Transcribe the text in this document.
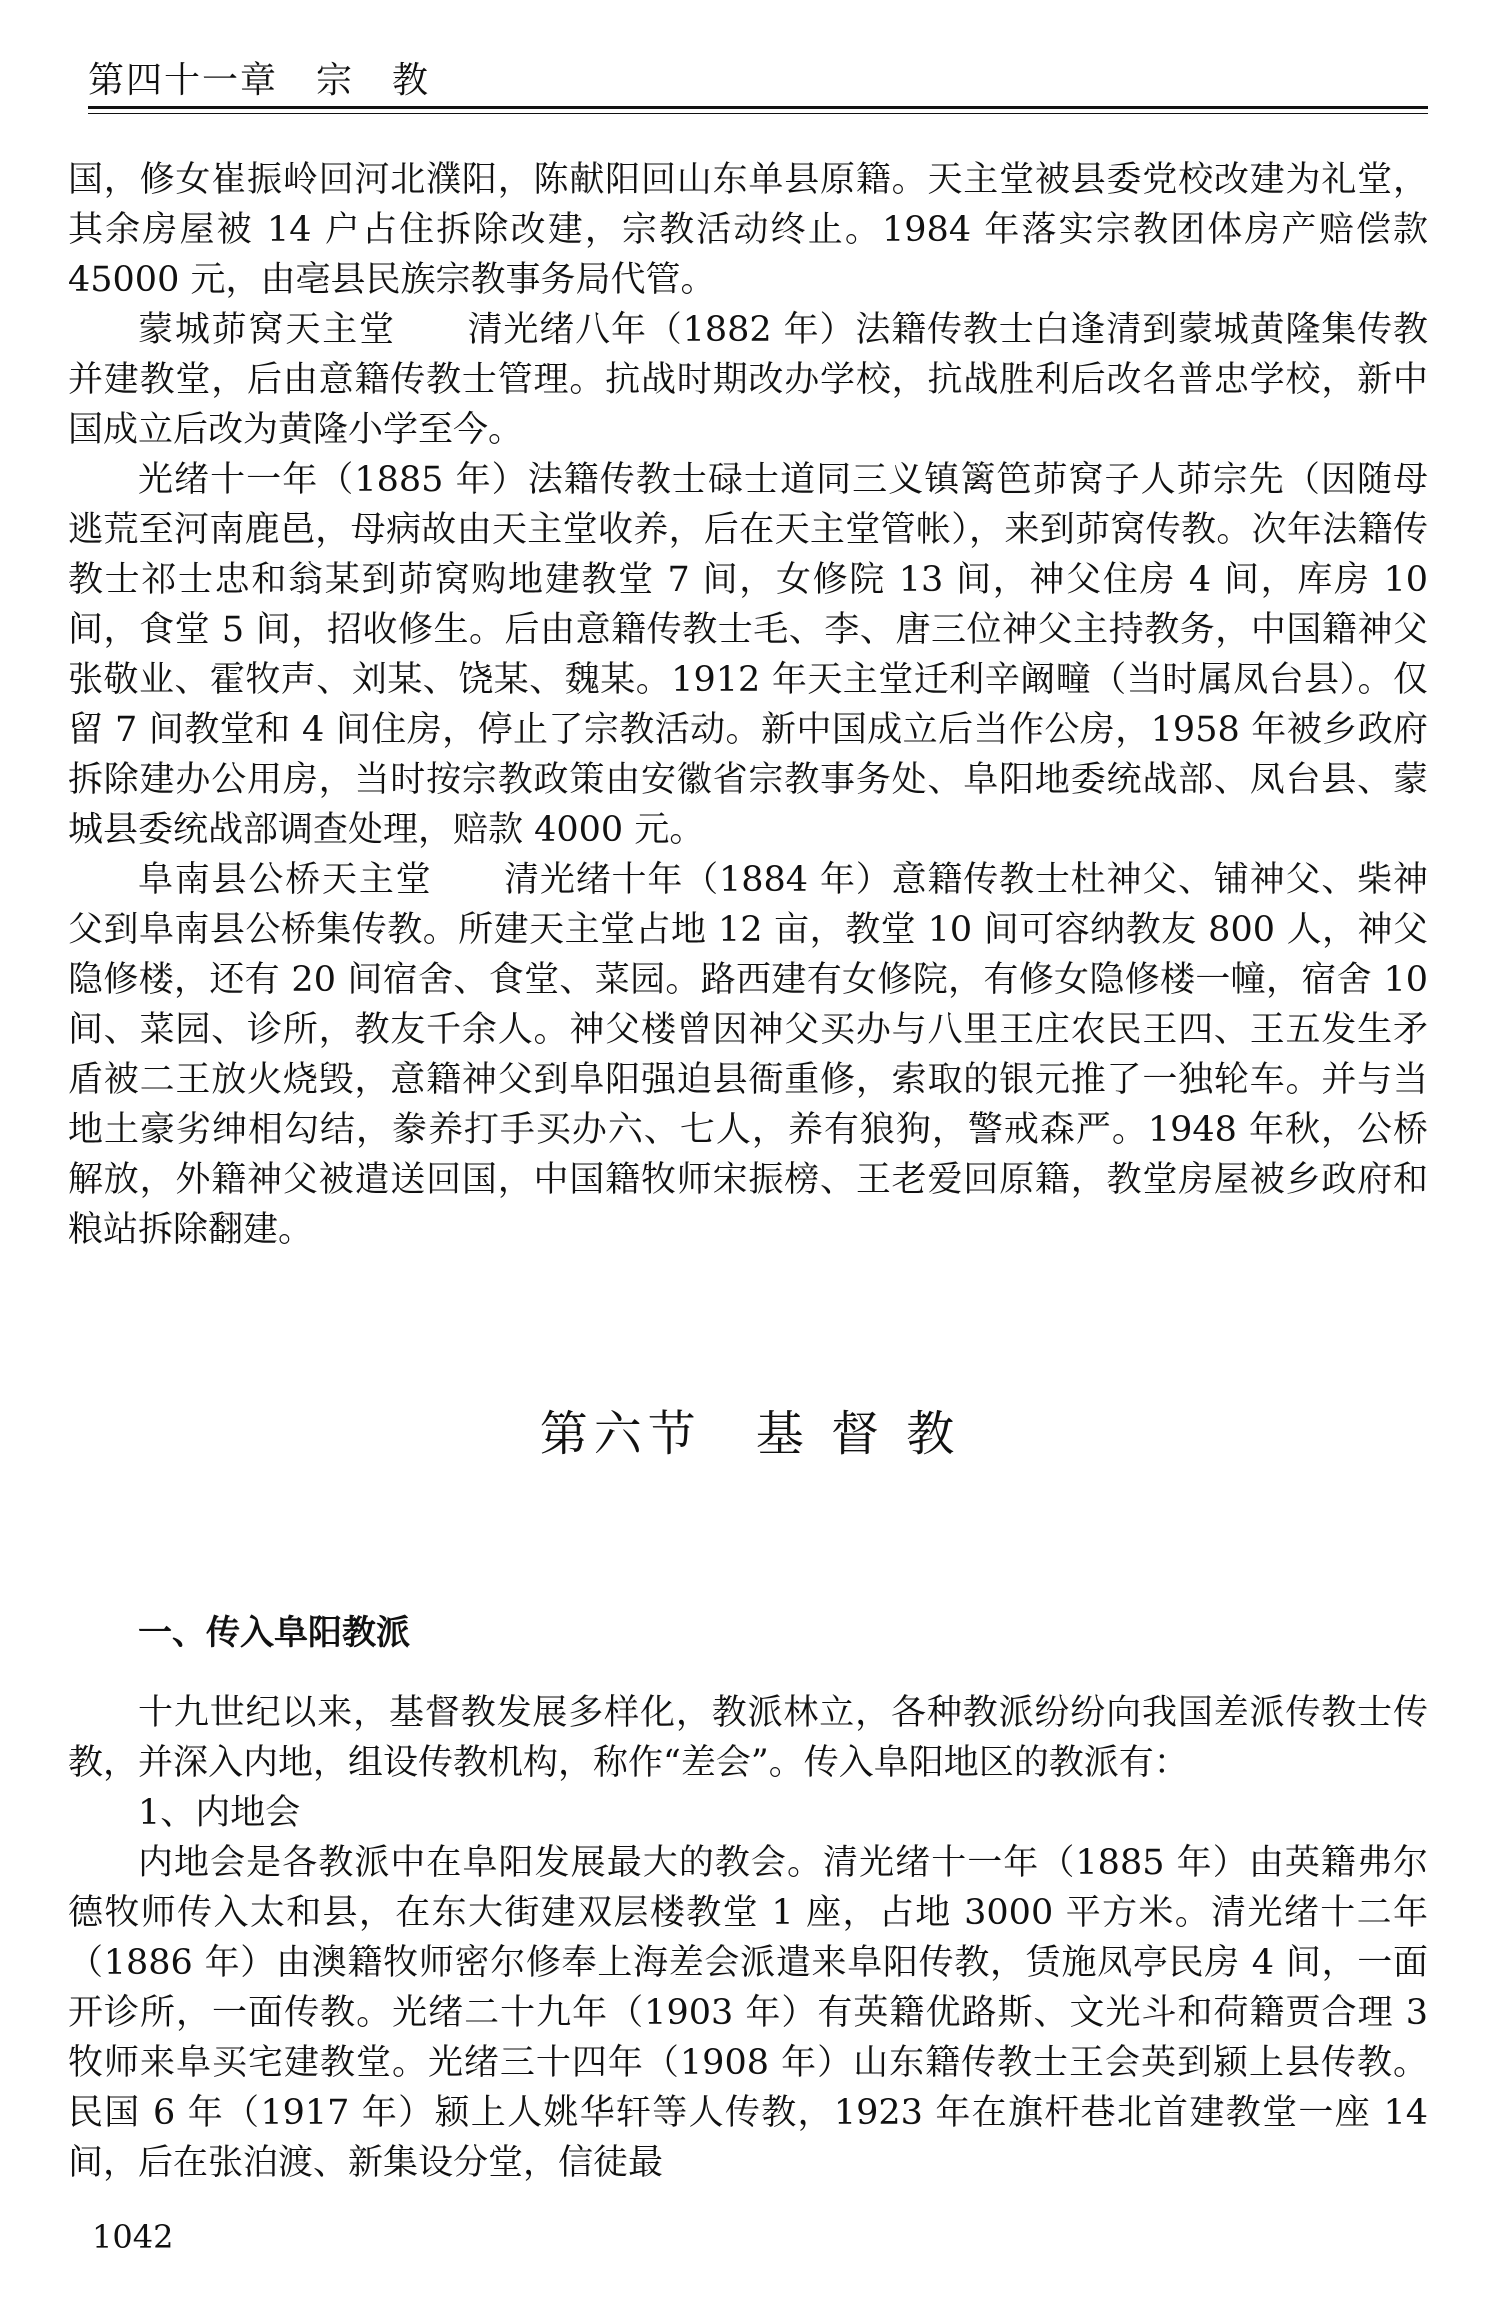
第四十一章　宗　教

国，修女崔振岭回河北濮阳，陈献阳回山东单县原籍。天主堂被县委党校改建为礼堂，其余房屋被 14 户占住拆除改建，宗教活动终止。1984 年落实宗教团体房产赔偿款 45000 元，由亳县民族宗教事务局代管。

蒙城茆窝天主堂　　 清光绪八年（1882 年）法籍传教士白逢清到蒙城黄隆集传教并建教堂，后由意籍传教士管理。抗战时期改办学校，抗战胜利后改名普忠学校，新中国成立后改为黄隆小学至今。

光绪十一年（1885 年）法籍传教士碌士道同三义镇篱笆茆窝子人茆宗先（因随母逃荒至河南鹿邑，母病故由天主堂收养，后在天主堂管帐），来到茆窝传教。次年法籍传教士祁士忠和翁某到茆窝购地建教堂 7 间，女修院 13 间，神父住房 4 间，库房 10 间，食堂 5 间，招收修生。后由意籍传教士毛、李、唐三位神父主持教务，中国籍神父张敬业、霍牧声、刘某、饶某、魏某。1912 年天主堂迁利辛阚疃（当时属凤台县）。仅留 7 间教堂和 4 间住房，停止了宗教活动。新中国成立后当作公房，1958 年被乡政府拆除建办公用房，当时按宗教政策由安徽省宗教事务处、阜阳地委统战部、凤台县、蒙城县委统战部调查处理，赔款 4000 元。

阜南县公桥天主堂　　 清光绪十年（1884 年）意籍传教士杜神父、铺神父、柴神父到阜南县公桥集传教。所建天主堂占地 12 亩，教堂 10 间可容纳教友 800 人，神父隐修楼，还有 20 间宿舍、食堂、菜园。路西建有女修院，有修女隐修楼一幢，宿舍 10 间、菜园、诊所，教友千余人。神父楼曾因神父买办与八里王庄农民王四、王五发生矛盾被二王放火烧毁，意籍神父到阜阳强迫县衙重修，索取的银元推了一独轮车。并与当地土豪劣绅相勾结，豢养打手买办六、七人，养有狼狗，警戒森严。1948 年秋，公桥解放，外籍神父被遣送回国，中国籍牧师宋振榜、王老爱回原籍，教堂房屋被乡政府和粮站拆除翻建。

第六节　基 督 教
一、传入阜阳教派

十九世纪以来，基督教发展多样化，教派林立，各种教派纷纷向我国差派传教士传教，并深入内地，组设传教机构，称作“差会”。传入阜阳地区的教派有：

1、内地会

内地会是各教派中在阜阳发展最大的教会。清光绪十一年（1885 年）由英籍弗尔德牧师传入太和县，在东大街建双层楼教堂 1 座，占地 3000 平方米。清光绪十二年（1886 年）由澳籍牧师密尔修奉上海差会派遣来阜阳传教，赁施凤亭民房 4 间，一面开诊所，一面传教。光绪二十九年（1903 年）有英籍优路斯、文光斗和荷籍贾合理 3 牧师来阜买宅建教堂。光绪三十四年（1908 年）山东籍传教士王会英到颍上县传教。民国 6 年（1917 年）颍上人姚华轩等人传教，1923 年在旗杆巷北首建教堂一座 14 间，后在张泊渡、新集设分堂，信徒最

1042
